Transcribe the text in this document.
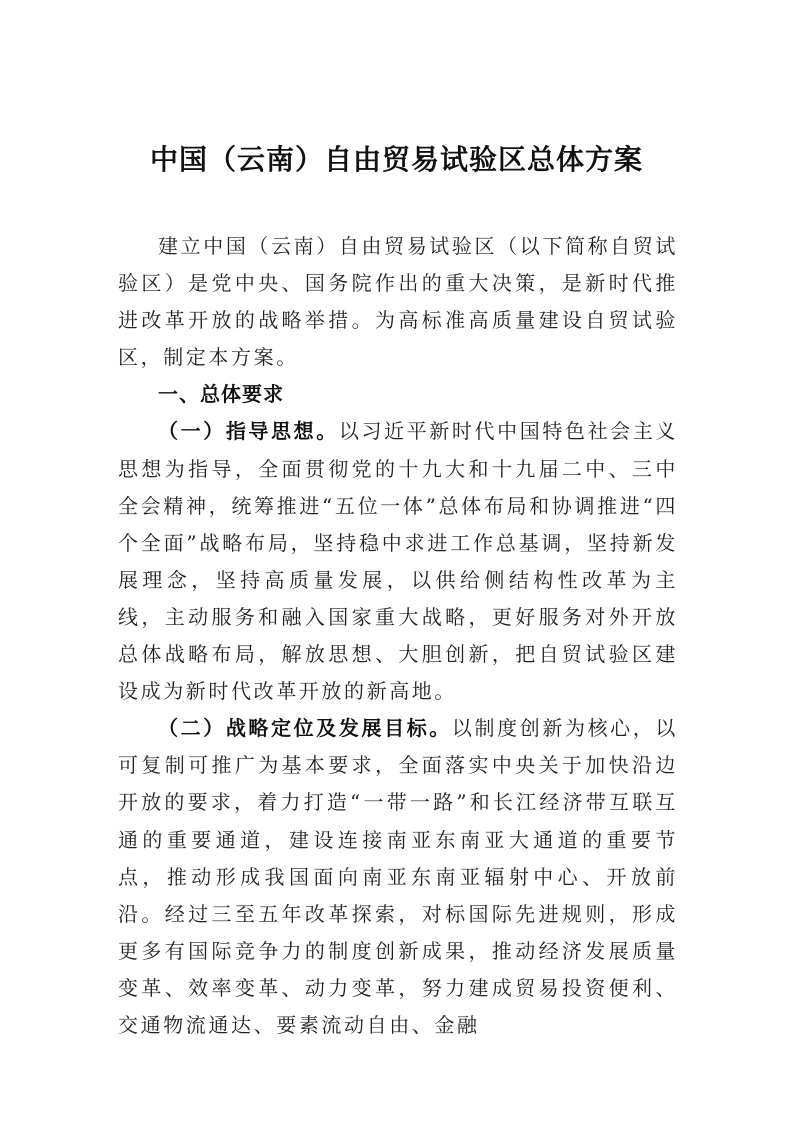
中国（云南）自由贸易试验区总体方案

建立中国（云南）自由贸易试验区（以下简称自贸试验区）是党中央、国务院作出的重大决策，是新时代推进改革开放的战略举措。为高标准高质量建设自贸试验区，制定本方案。

一、总体要求

（一）指导思想。以习近平新时代中国特色社会主义思想为指导，全面贯彻党的十九大和十九届二中、三中全会精神，统筹推进“五位一体”总体布局和协调推进“四个全面”战略布局，坚持稳中求进工作总基调，坚持新发展理念，坚持高质量发展，以供给侧结构性改革为主线，主动服务和融入国家重大战略，更好服务对外开放总体战略布局，解放思想、大胆创新，把自贸试验区建设成为新时代改革开放的新高地。

（二）战略定位及发展目标。以制度创新为核心，以可复制可推广为基本要求，全面落实中央关于加快沿边开放的要求，着力打造“一带一路”和长江经济带互联互通的重要通道，建设连接南亚东南亚大通道的重要节点，推动形成我国面向南亚东南亚辐射中心、开放前沿。经过三至五年改革探索，对标国际先进规则，形成更多有国际竞争力的制度创新成果，推动经济发展质量变革、效率变革、动力变革，努力建成贸易投资便利、交通物流通达、要素流动自由、金融
